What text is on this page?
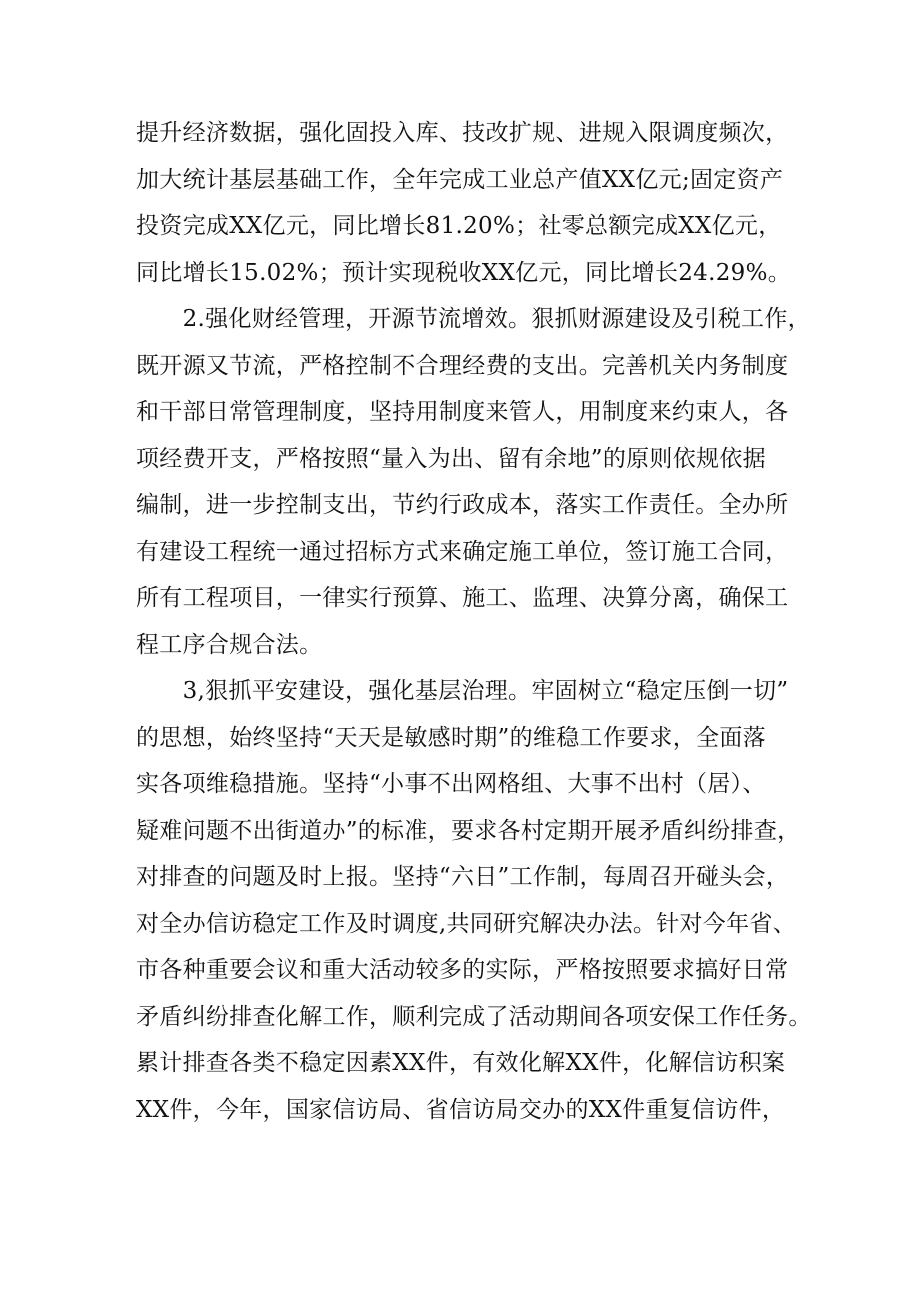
提升经济数据，强化固投入库、技改扩规、进规入限调度频次，
加大统计基层基础工作，全年完成工业总产值XX亿元;固定资产
投资完成XX亿元，同比增长81.20%；社零总额完成XX亿元，
同比增长15.02%；预计实现税收XX亿元，同比增长24.29%。
　　2.强化财经管理，开源节流增效。狠抓财源建设及引税工作，
既开源又节流，严格控制不合理经费的支出。完善机关内务制度
和干部日常管理制度，坚持用制度来管人，用制度来约束人，各
项经费开支，严格按照“量入为出、留有余地”的原则依规依据
编制，进一步控制支出，节约行政成本，落实工作责任。全办所
有建设工程统一通过招标方式来确定施工单位，签订施工合同，
所有工程项目，一律实行预算、施工、监理、决算分离，确保工
程工序合规合法。
　　3,狠抓平安建设，强化基层治理。牢固树立“稳定压倒一切”
的思想，始终坚持“天天是敏感时期”的维稳工作要求，全面落
实各项维稳措施。坚持“小事不出网格组、大事不出村（居）、
疑难问题不出街道办”的标准，要求各村定期开展矛盾纠纷排查，
对排查的问题及时上报。坚持“六日”工作制，每周召开碰头会，
对全办信访稳定工作及时调度,共同研究解决办法。针对今年省、
市各种重要会议和重大活动较多的实际，严格按照要求搞好日常
矛盾纠纷排查化解工作，顺利完成了活动期间各项安保工作任务。
累计排查各类不稳定因素XX件，有效化解XX件，化解信访积案
XX件，今年，国家信访局、省信访局交办的XX件重复信访件，
